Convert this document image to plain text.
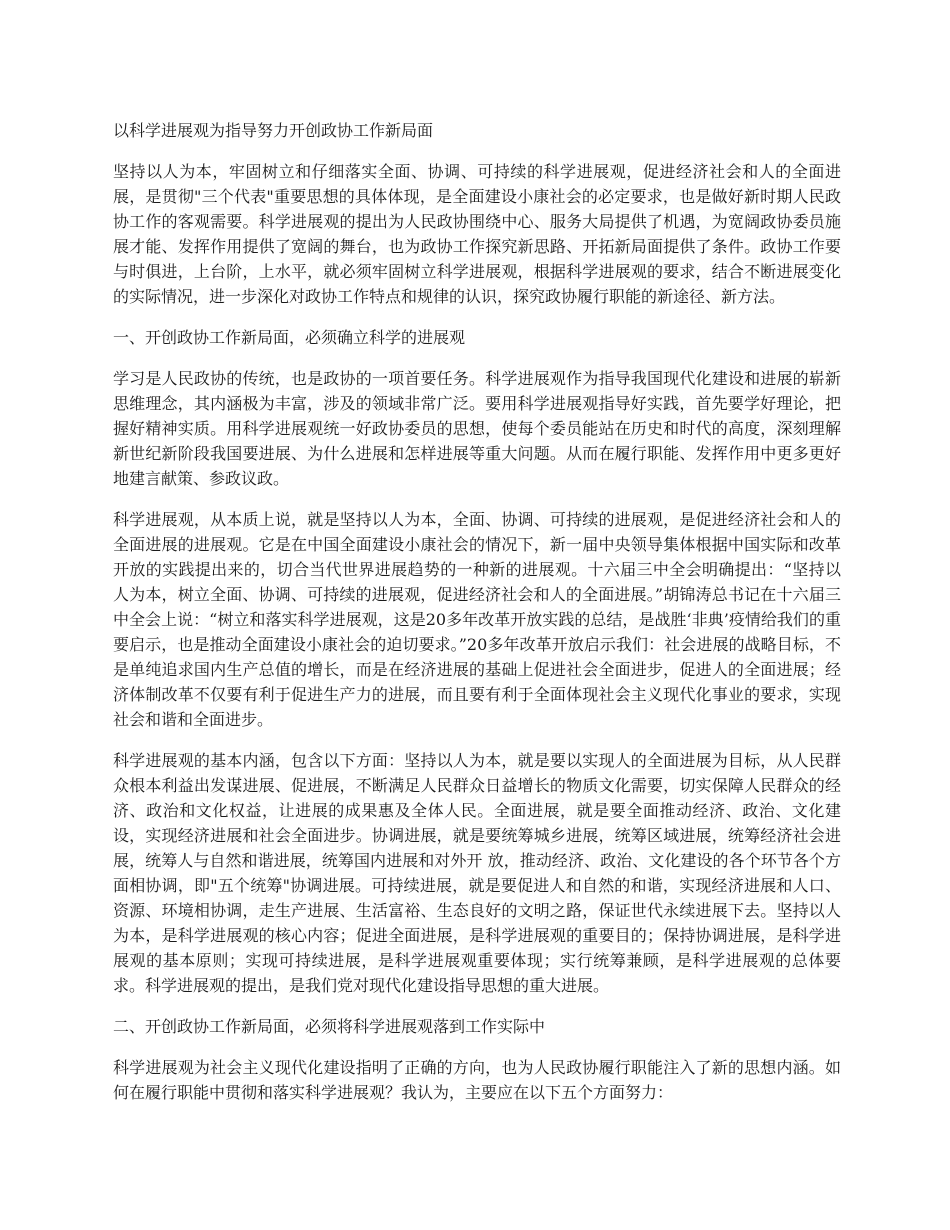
以科学进展观为指导努力开创政协工作新局面

坚持以人为本，牢固树立和仔细落实全面、协调、可持续的科学进展观，促进经济社会和人的全面进展，是贯彻"三个代表"重要思想的具体体现，是全面建设小康社会的必定要求，也是做好新时期人民政协工作的客观需要。科学进展观的提出为人民政协围绕中心、服务大局提供了机遇，为宽阔政协委员施展才能、发挥作用提供了宽阔的舞台，也为政协工作探究新思路、开拓新局面提供了条件。政协工作要与时俱进，上台阶，上水平，就必须牢固树立科学进展观，根据科学进展观的要求，结合不断进展变化的实际情况，进一步深化对政协工作特点和规律的认识，探究政协履行职能的新途径、新方法。

一、开创政协工作新局面，必须确立科学的进展观

学习是人民政协的传统，也是政协的一项首要任务。科学进展观作为指导我国现代化建设和进展的崭新思维理念，其内涵极为丰富，涉及的领域非常广泛。要用科学进展观指导好实践，首先要学好理论，把握好精神实质。用科学进展观统一好政协委员的思想，使每个委员能站在历史和时代的高度，深刻理解新世纪新阶段我国要进展、为什么进展和怎样进展等重大问题。从而在履行职能、发挥作用中更多更好地建言献策、参政议政。

科学进展观，从本质上说，就是坚持以人为本，全面、协调、可持续的进展观，是促进经济社会和人的全面进展的进展观。它是在中国全面建设小康社会的情况下，新一届中央领导集体根据中国实际和改革开放的实践提出来的，切合当代世界进展趋势的一种新的进展观。十六届三中全会明确提出：“坚持以人为本，树立全面、协调、可持续的进展观，促进经济社会和人的全面进展。”胡锦涛总书记在十六届三中全会上说：“树立和落实科学进展观，这是20多年改革开放实践的总结，是战胜‘非典’疫情给我们的重要启示，也是推动全面建设小康社会的迫切要求。”20多年改革开放启示我们：社会进展的战略目标，不是单纯追求国内生产总值的增长，而是在经济进展的基础上促进社会全面进步，促进人的全面进展；经济体制改革不仅要有利于促进生产力的进展，而且要有利于全面体现社会主义现代化事业的要求，实现社会和谐和全面进步。

科学进展观的基本内涵，包含以下方面：坚持以人为本，就是要以实现人的全面进展为目标，从人民群众根本利益出发谋进展、促进展，不断满足人民群众日益增长的物质文化需要，切实保障人民群众的经济、政治和文化权益，让进展的成果惠及全体人民。全面进展，就是要全面推动经济、政治、文化建设，实现经济进展和社会全面进步。协调进展，就是要统筹城乡进展，统筹区域进展，统筹经济社会进展，统筹人与自然和谐进展，统筹国内进展和对外开 放，推动经济、政治、文化建设的各个环节各个方面相协调，即"五个统筹"协调进展。可持续进展，就是要促进人和自然的和谐，实现经济进展和人口、资源、环境相协调，走生产进展、生活富裕、生态良好的文明之路，保证世代永续进展下去。坚持以人为本，是科学进展观的核心内容；促进全面进展，是科学进展观的重要目的；保持协调进展，是科学进展观的基本原则；实现可持续进展，是科学进展观重要体现；实行统筹兼顾，是科学进展观的总体要求。科学进展观的提出，是我们党对现代化建设指导思想的重大进展。

二、开创政协工作新局面，必须将科学进展观落到工作实际中

科学进展观为社会主义现代化建设指明了正确的方向，也为人民政协履行职能注入了新的思想内涵。如何在履行职能中贯彻和落实科学进展观？我认为，主要应在以下五个方面努力：
